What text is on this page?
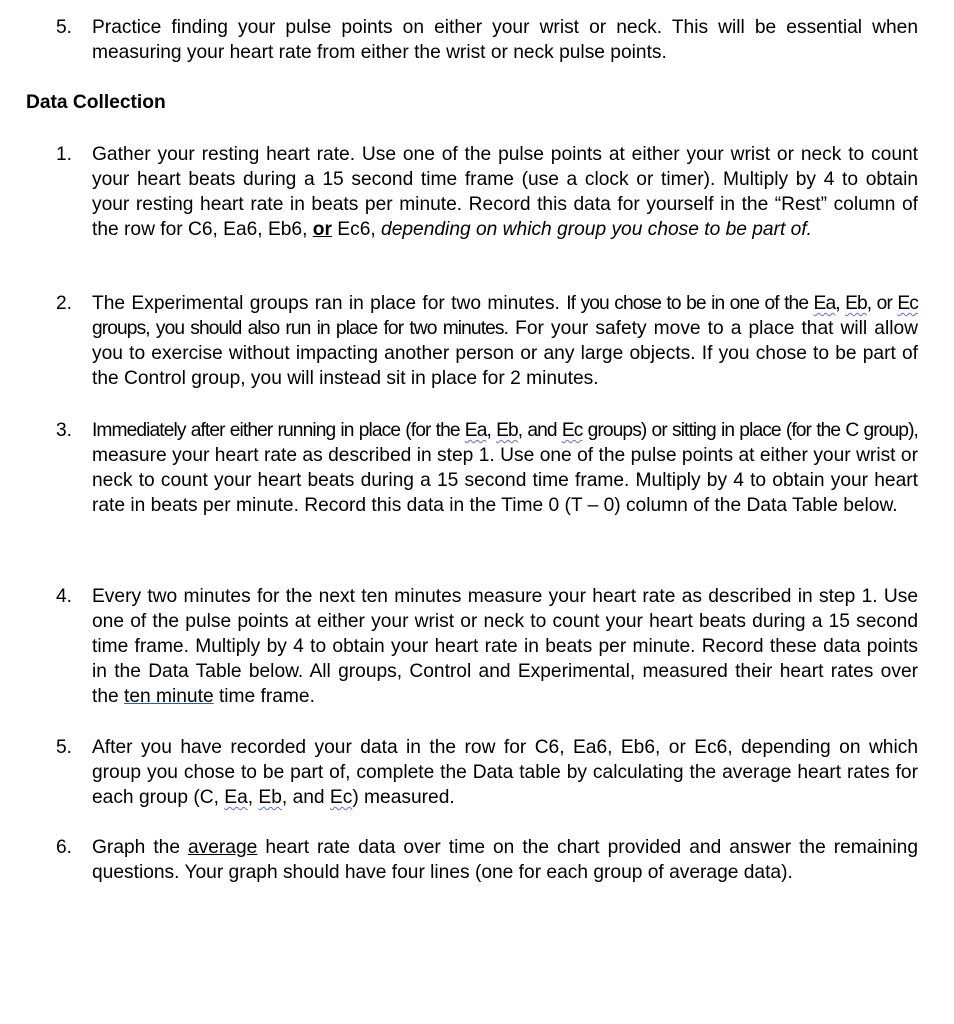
5.	Practice finding your pulse points on either your wrist or neck. This will be essential when measuring your heart rate from either the wrist or neck pulse points.
Data Collection
1.	Gather your resting heart rate. Use one of the pulse points at either your wrist or neck to count your heart beats during a 15 second time frame (use a clock or timer). Multiply by 4 to obtain your resting heart rate in beats per minute. Record this data for yourself in the “Rest” column of the row for C6, Ea6, Eb6, or Ec6, depending on which group you chose to be part of.
2.	The Experimental groups ran in place for two minutes. If you chose to be in one of the Ea, Eb, or Ec groups, you should also run in place for two minutes. For your safety move to a place that will allow you to exercise without impacting another person or any large objects. If you chose to be part of the Control group, you will instead sit in place for 2 minutes.
3.	Immediately after either running in place (for the Ea, Eb, and Ec groups) or sitting in place (for the C group), measure your heart rate as described in step 1. Use one of the pulse points at either your wrist or neck to count your heart beats during a 15 second time frame. Multiply by 4 to obtain your heart rate in beats per minute. Record this data in the Time 0 (T – 0) column of the Data Table below.
4.	Every two minutes for the next ten minutes measure your heart rate as described in step 1. Use one of the pulse points at either your wrist or neck to count your heart beats during a 15 second time frame. Multiply by 4 to obtain your heart rate in beats per minute. Record these data points in the Data Table below. All groups, Control and Experimental, measured their heart rates over the ten minute time frame.
5.	After you have recorded your data in the row for C6, Ea6, Eb6, or Ec6, depending on which group you chose to be part of, complete the Data table by calculating the average heart rates for each group (C, Ea, Eb, and Ec) measured.
6.	Graph the average heart rate data over time on the chart provided and answer the remaining questions. Your graph should have four lines (one for each group of average data).
